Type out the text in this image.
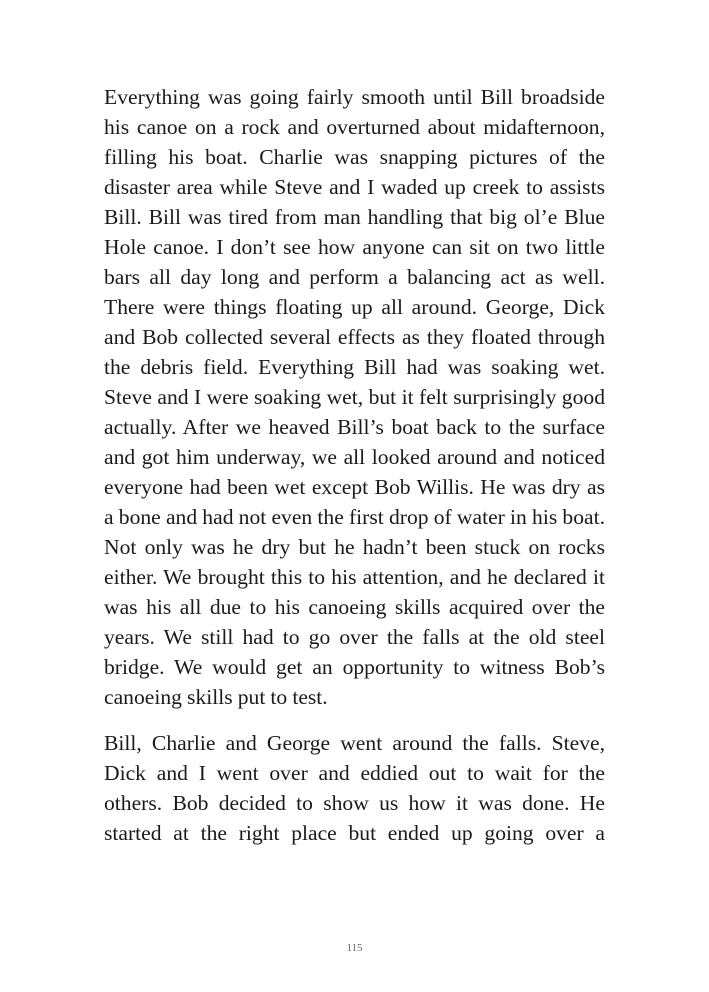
Everything was going fairly smooth until Bill broadside his canoe on a rock and overturned about midafternoon, filling his boat. Charlie was snapping pictures of the disaster area while Steve and I waded up creek to assists Bill. Bill was tired from man handling that big ol’e Blue Hole canoe. I don’t see how anyone can sit on two little bars all day long and perform a balancing act as well. There were things floating up all around. George, Dick and Bob collected several effects as they floated through the debris field. Everything Bill had was soaking wet. Steve and I were soaking wet, but it felt surprisingly good actually. After we heaved Bill’s boat back to the surface and got him underway, we all looked around and noticed everyone had been wet except Bob Willis. He was dry as a bone and had not even the first drop of water in his boat. Not only was he dry but he hadn’t been stuck on rocks either. We brought this to his attention, and he declared it was his all due to his canoeing skills acquired over the years. We still had to go over the falls at the old steel bridge. We would get an opportunity to witness Bob’s canoeing skills put to test.

Bill, Charlie and George went around the falls. Steve, Dick and I went over and eddied out to wait for the others. Bob decided to show us how it was done. He started at the right place but ended up going over a

115
